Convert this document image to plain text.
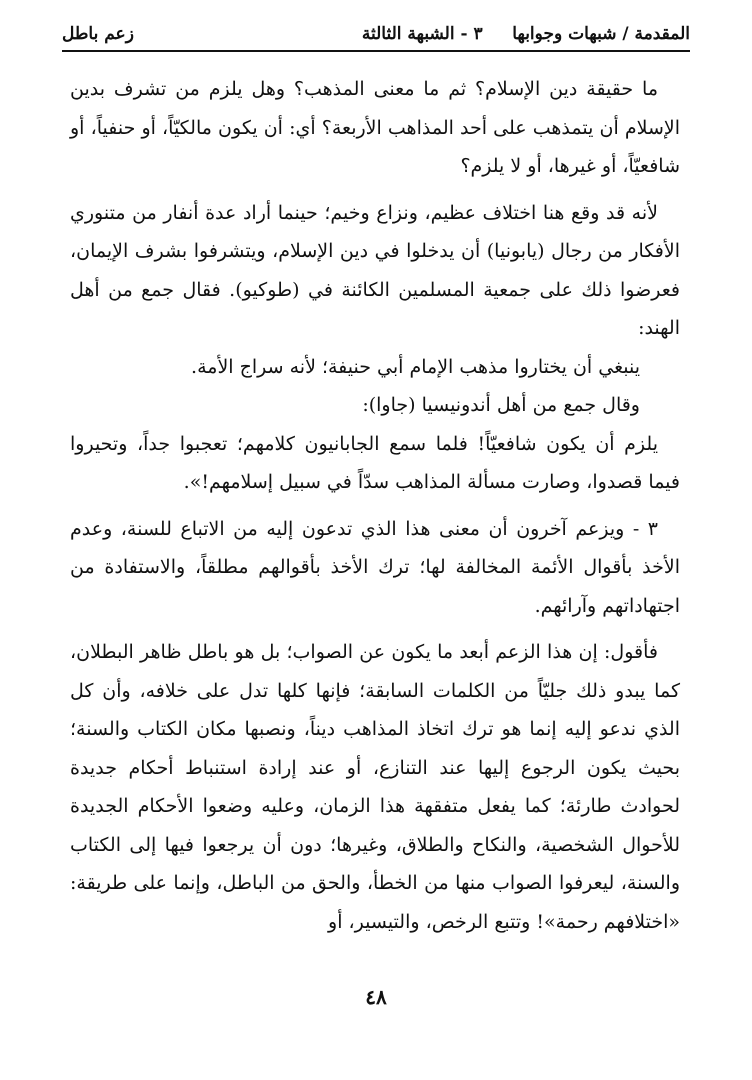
المقدمة / شبهات وجوابها     ٣ - الشبهة الثالثة
زعم باطل

ما حقيقة دين الإسلام؟ ثم ما معنى المذهب؟ وهل يلزم من تشرف بدين الإسلام أن يتمذهب على أحد المذاهب الأربعة؟ أي: أن يكون مالكيّاً، أو حنفياً، أو شافعيّاً، أو غيرها، أو لا يلزم؟

لأنه قد وقع هنا اختلاف عظيم، ونزاع وخيم؛ حينما أراد عدة أنفار من متنوري الأفكار من رجال (يابونيا) أن يدخلوا في دين الإسلام، ويتشرفوا بشرف الإيمان، فعرضوا ذلك على جمعية المسلمين الكائنة في (طوكيو). فقال جمع من أهل الهند:

ينبغي أن يختاروا مذهب الإمام أبي حنيفة؛ لأنه سراج الأمة.

وقال جمع من أهل أندونيسيا (جاوا):

يلزم أن يكون شافعيّاً! فلما سمع الجابانيون كلامهم؛ تعجبوا جداً، وتحيروا فيما قصدوا، وصارت مسألة المذاهب سدّاً في سبيل إسلامهم!».

٣ - ويزعم آخرون أن معنى هذا الذي تدعون إليه من الاتباع للسنة، وعدم الأخذ بأقوال الأئمة المخالفة لها؛ ترك الأخذ بأقوالهم مطلقاً، والاستفادة من اجتهاداتهم وآرائهم.

فأقول: إن هذا الزعم أبعد ما يكون عن الصواب؛ بل هو باطل ظاهر البطلان، كما يبدو ذلك جليّاً من الكلمات السابقة؛ فإنها كلها تدل على خلافه، وأن كل الذي ندعو إليه إنما هو ترك اتخاذ المذاهب ديناً، ونصبها مكان الكتاب والسنة؛ بحيث يكون الرجوع إليها عند التنازع، أو عند إرادة استنباط أحكام جديدة لحوادث طارئة؛ كما يفعل متفقهة هذا الزمان، وعليه وضعوا الأحكام الجديدة للأحوال الشخصية، والنكاح والطلاق، وغيرها؛ دون أن يرجعوا فيها إلى الكتاب والسنة، ليعرفوا الصواب منها من الخطأ، والحق من الباطل، وإنما على طريقة: «اختلافهم رحمة»! وتتبع الرخص، والتيسير، أو

٤٨
